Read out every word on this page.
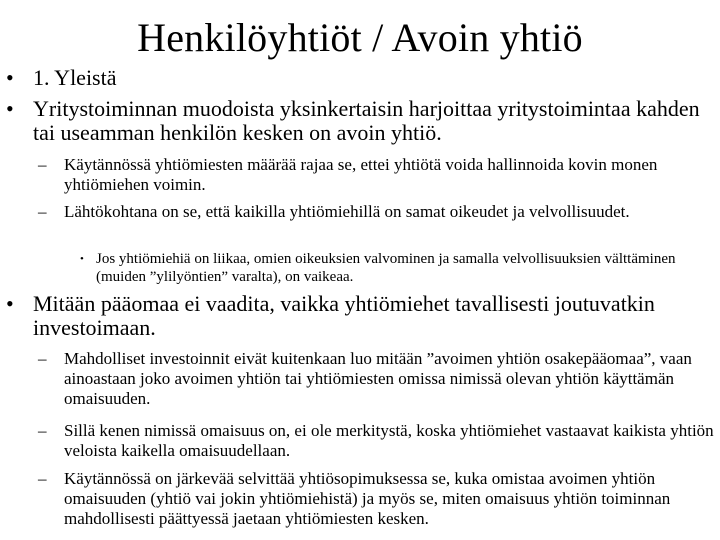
Henkilöyhtiöt / Avoin yhtiö
• 1. Yleistä
• Yritystoiminnan muodoista yksinkertaisin harjoittaa yritystoimintaa kahden tai useamman henkilön kesken on avoin yhtiö.
– Käytännössä yhtiömiesten määrää rajaa se, ettei yhtiötä voida hallinnoida kovin monen yhtiömiehen voimin.
– Lähtökohtana on se, että kaikilla yhtiömiehillä on samat oikeudet ja velvollisuudet.
• Jos yhtiömiehiä on liikaa, omien oikeuksien valvominen ja samalla velvollisuuksien välttäminen (muiden ”ylilyöntien” varalta), on vaikeaa.
• Mitään pääomaa ei vaadita, vaikka yhtiömiehet tavallisesti joutuvatkin investoimaan.
– Mahdolliset investoinnit eivät kuitenkaan luo mitään ”avoimen yhtiön osakepääomaa”, vaan ainoastaan joko avoimen yhtiön tai yhtiömiesten omissa nimissä olevan yhtiön käyttämän omaisuuden.
– Sillä kenen nimissä omaisuus on, ei ole merkitystä, koska yhtiömiehet vastaavat kaikista yhtiön veloista kaikella omaisuudellaan.
– Käytännössä on järkevää selvittää yhtiösopimuksessa se, kuka omistaa avoimen yhtiön omaisuuden (yhtiö vai jokin yhtiömiehistä) ja myös se, miten omaisuus yhtiön toiminnan mahdollisesti päättyessä jaetaan yhtiömiesten kesken.
